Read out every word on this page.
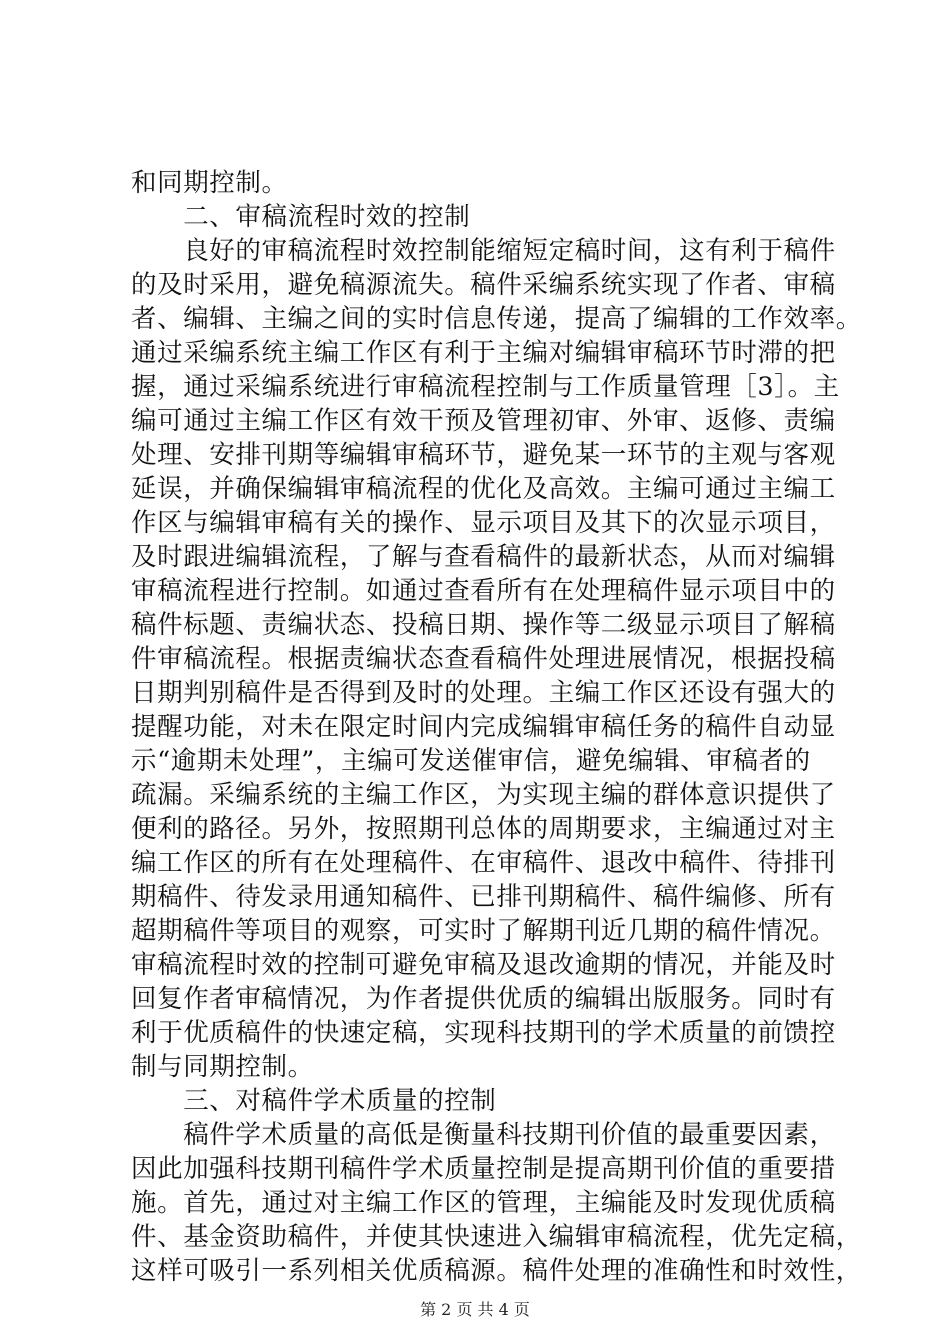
和同期控制。
　　二、审稿流程时效的控制
　　良好的审稿流程时效控制能缩短定稿时间，这有利于稿件
的及时采用，避免稿源流失。稿件采编系统实现了作者、审稿
者、编辑、主编之间的实时信息传递，提高了编辑的工作效率。
通过采编系统主编工作区有利于主编对编辑审稿环节时滞的把
握，通过采编系统进行审稿流程控制与工作质量管理［3］。主
编可通过主编工作区有效干预及管理初审、外审、返修、责编
处理、安排刊期等编辑审稿环节，避免某一环节的主观与客观
延误，并确保编辑审稿流程的优化及高效。主编可通过主编工
作区与编辑审稿有关的操作、显示项目及其下的次显示项目，
及时跟进编辑流程，了解与查看稿件的最新状态，从而对编辑
审稿流程进行控制。如通过查看所有在处理稿件显示项目中的
稿件标题、责编状态、投稿日期、操作等二级显示项目了解稿
件审稿流程。根据责编状态查看稿件处理进展情况，根据投稿
日期判别稿件是否得到及时的处理。主编工作区还设有强大的
提醒功能，对未在限定时间内完成编辑审稿任务的稿件自动显
示“逾期未处理”，主编可发送催审信，避免编辑、审稿者的
疏漏。采编系统的主编工作区，为实现主编的群体意识提供了
便利的路径。另外，按照期刊总体的周期要求，主编通过对主
编工作区的所有在处理稿件、在审稿件、退改中稿件、待排刊
期稿件、待发录用通知稿件、已排刊期稿件、稿件编修、所有
超期稿件等项目的观察，可实时了解期刊近几期的稿件情况。
审稿流程时效的控制可避免审稿及退改逾期的情况，并能及时
回复作者审稿情况，为作者提供优质的编辑出版服务。同时有
利于优质稿件的快速定稿，实现科技期刊的学术质量的前馈控
制与同期控制。
　　三、对稿件学术质量的控制
　　稿件学术质量的高低是衡量科技期刊价值的最重要因素，
因此加强科技期刊稿件学术质量控制是提高期刊价值的重要措
施。首先，通过对主编工作区的管理，主编能及时发现优质稿
件、基金资助稿件，并使其快速进入编辑审稿流程，优先定稿，
这样可吸引一系列相关优质稿源。稿件处理的准确性和时效性，
第 2 页 共 4 页
